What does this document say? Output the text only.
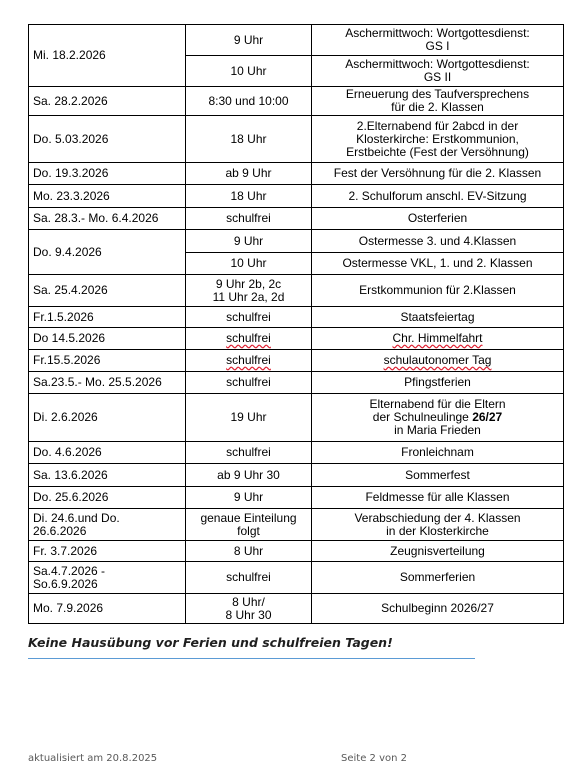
Mi. 18.2.2026	9 Uhr	Aschermittwoch: Wortgottesdienst:
GS I
	10 Uhr	Aschermittwoch: Wortgottesdienst:
GS II
Sa. 28.2.2026	8:30 und 10:00	Erneuerung des Taufversprechens
für die 2. Klassen
Do. 5.03.2026	18 Uhr	2.Elternabend für 2abcd in der
Klosterkirche: Erstkommunion,
Erstbeichte (Fest der Versöhnung)
Do. 19.3.2026	ab 9 Uhr	Fest der Versöhnung für die 2. Klassen
Mo. 23.3.2026	18 Uhr	2. Schulforum anschl. EV-Sitzung
Sa. 28.3.- Mo. 6.4.2026	schulfrei	Osterferien
Do. 9.4.2026	9 Uhr	Ostermesse 3. und 4.Klassen
	10 Uhr	Ostermesse VKL, 1. und 2. Klassen
Sa. 25.4.2026	9 Uhr 2b, 2c
11 Uhr 2a, 2d	Erstkommunion für 2.Klassen
Fr.1.5.2026	schulfrei	Staatsfeiertag
Do 14.5.2026	schulfrei	Chr. Himmelfahrt
Fr.15.5.2026	schulfrei	schulautonomer Tag
Sa.23.5.- Mo. 25.5.2026	schulfrei	Pfingstferien
Di. 2.6.2026	19 Uhr	Elternabend für die Eltern
der Schulneulinge 26/27
in Maria Frieden
Do. 4.6.2026	schulfrei	Fronleichnam
Sa. 13.6.2026	ab 9 Uhr 30	Sommerfest
Do. 25.6.2026	9 Uhr	Feldmesse für alle Klassen
Di. 24.6.und Do.
26.6.2026	genaue Einteilung
folgt	Verabschiedung der 4. Klassen
in der Klosterkirche
Fr. 3.7.2026	8 Uhr	Zeugnisverteilung
Sa.4.7.2026 -
So.6.9.2026	schulfrei	Sommerferien
Mo. 7.9.2026	8 Uhr/
8 Uhr 30	Schulbeginn 2026/27
Keine Hausübung vor Ferien und schulfreien Tagen!
aktualisiert am 20.8.2025	Seite 2 von 2
